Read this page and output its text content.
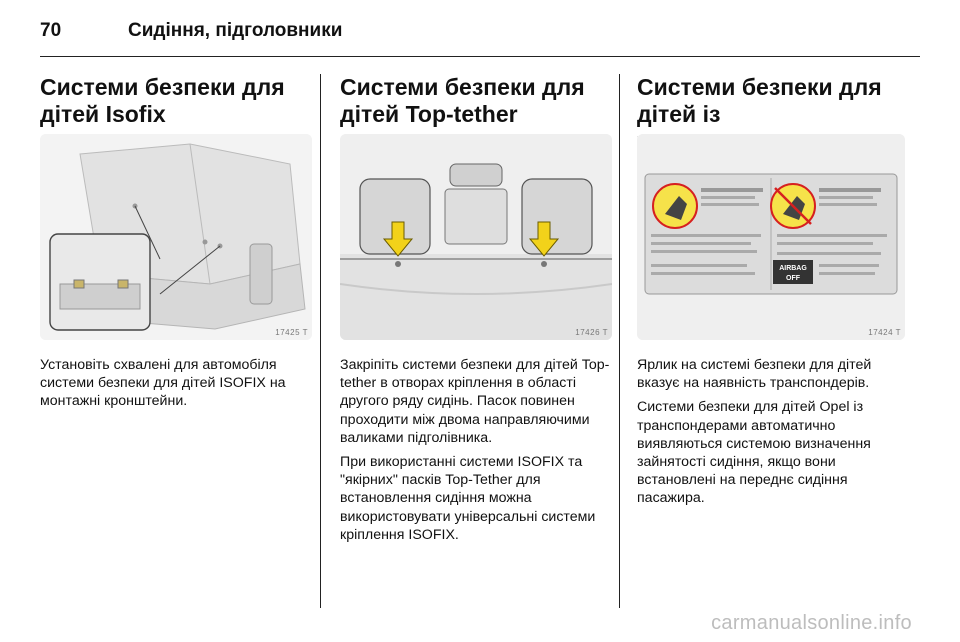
70	Сидіння, підголовники
Системи безпеки для дітей Isofix
17425 T

Установіть схвалені для автомобіля системи безпеки для дітей ISOFIX на монтажні кронштейни.

Системи безпеки для дітей Top-tether
17426 T

Закріпіть системи безпеки для дітей Top-tether в отворах кріплення в області другого ряду сидінь. Пасок повинен проходити між двома направляючими валиками підголівника.

При використанні системи ISOFIX та "якірних" пасків Top-Tether для встановлення сидіння можна використовувати універсальні системи кріплення ISOFIX.

Системи безпеки для дітей із
AIRBAG
OFF
17424 T

Ярлик на системі безпеки для дітей вказує на наявність транспондерів.

Системи безпеки для дітей Opel із транспондерами автоматично виявляються системою визначення зайнятості сидіння, якщо вони встановлені на переднє сидіння пасажира.

carmanualsonline.info
